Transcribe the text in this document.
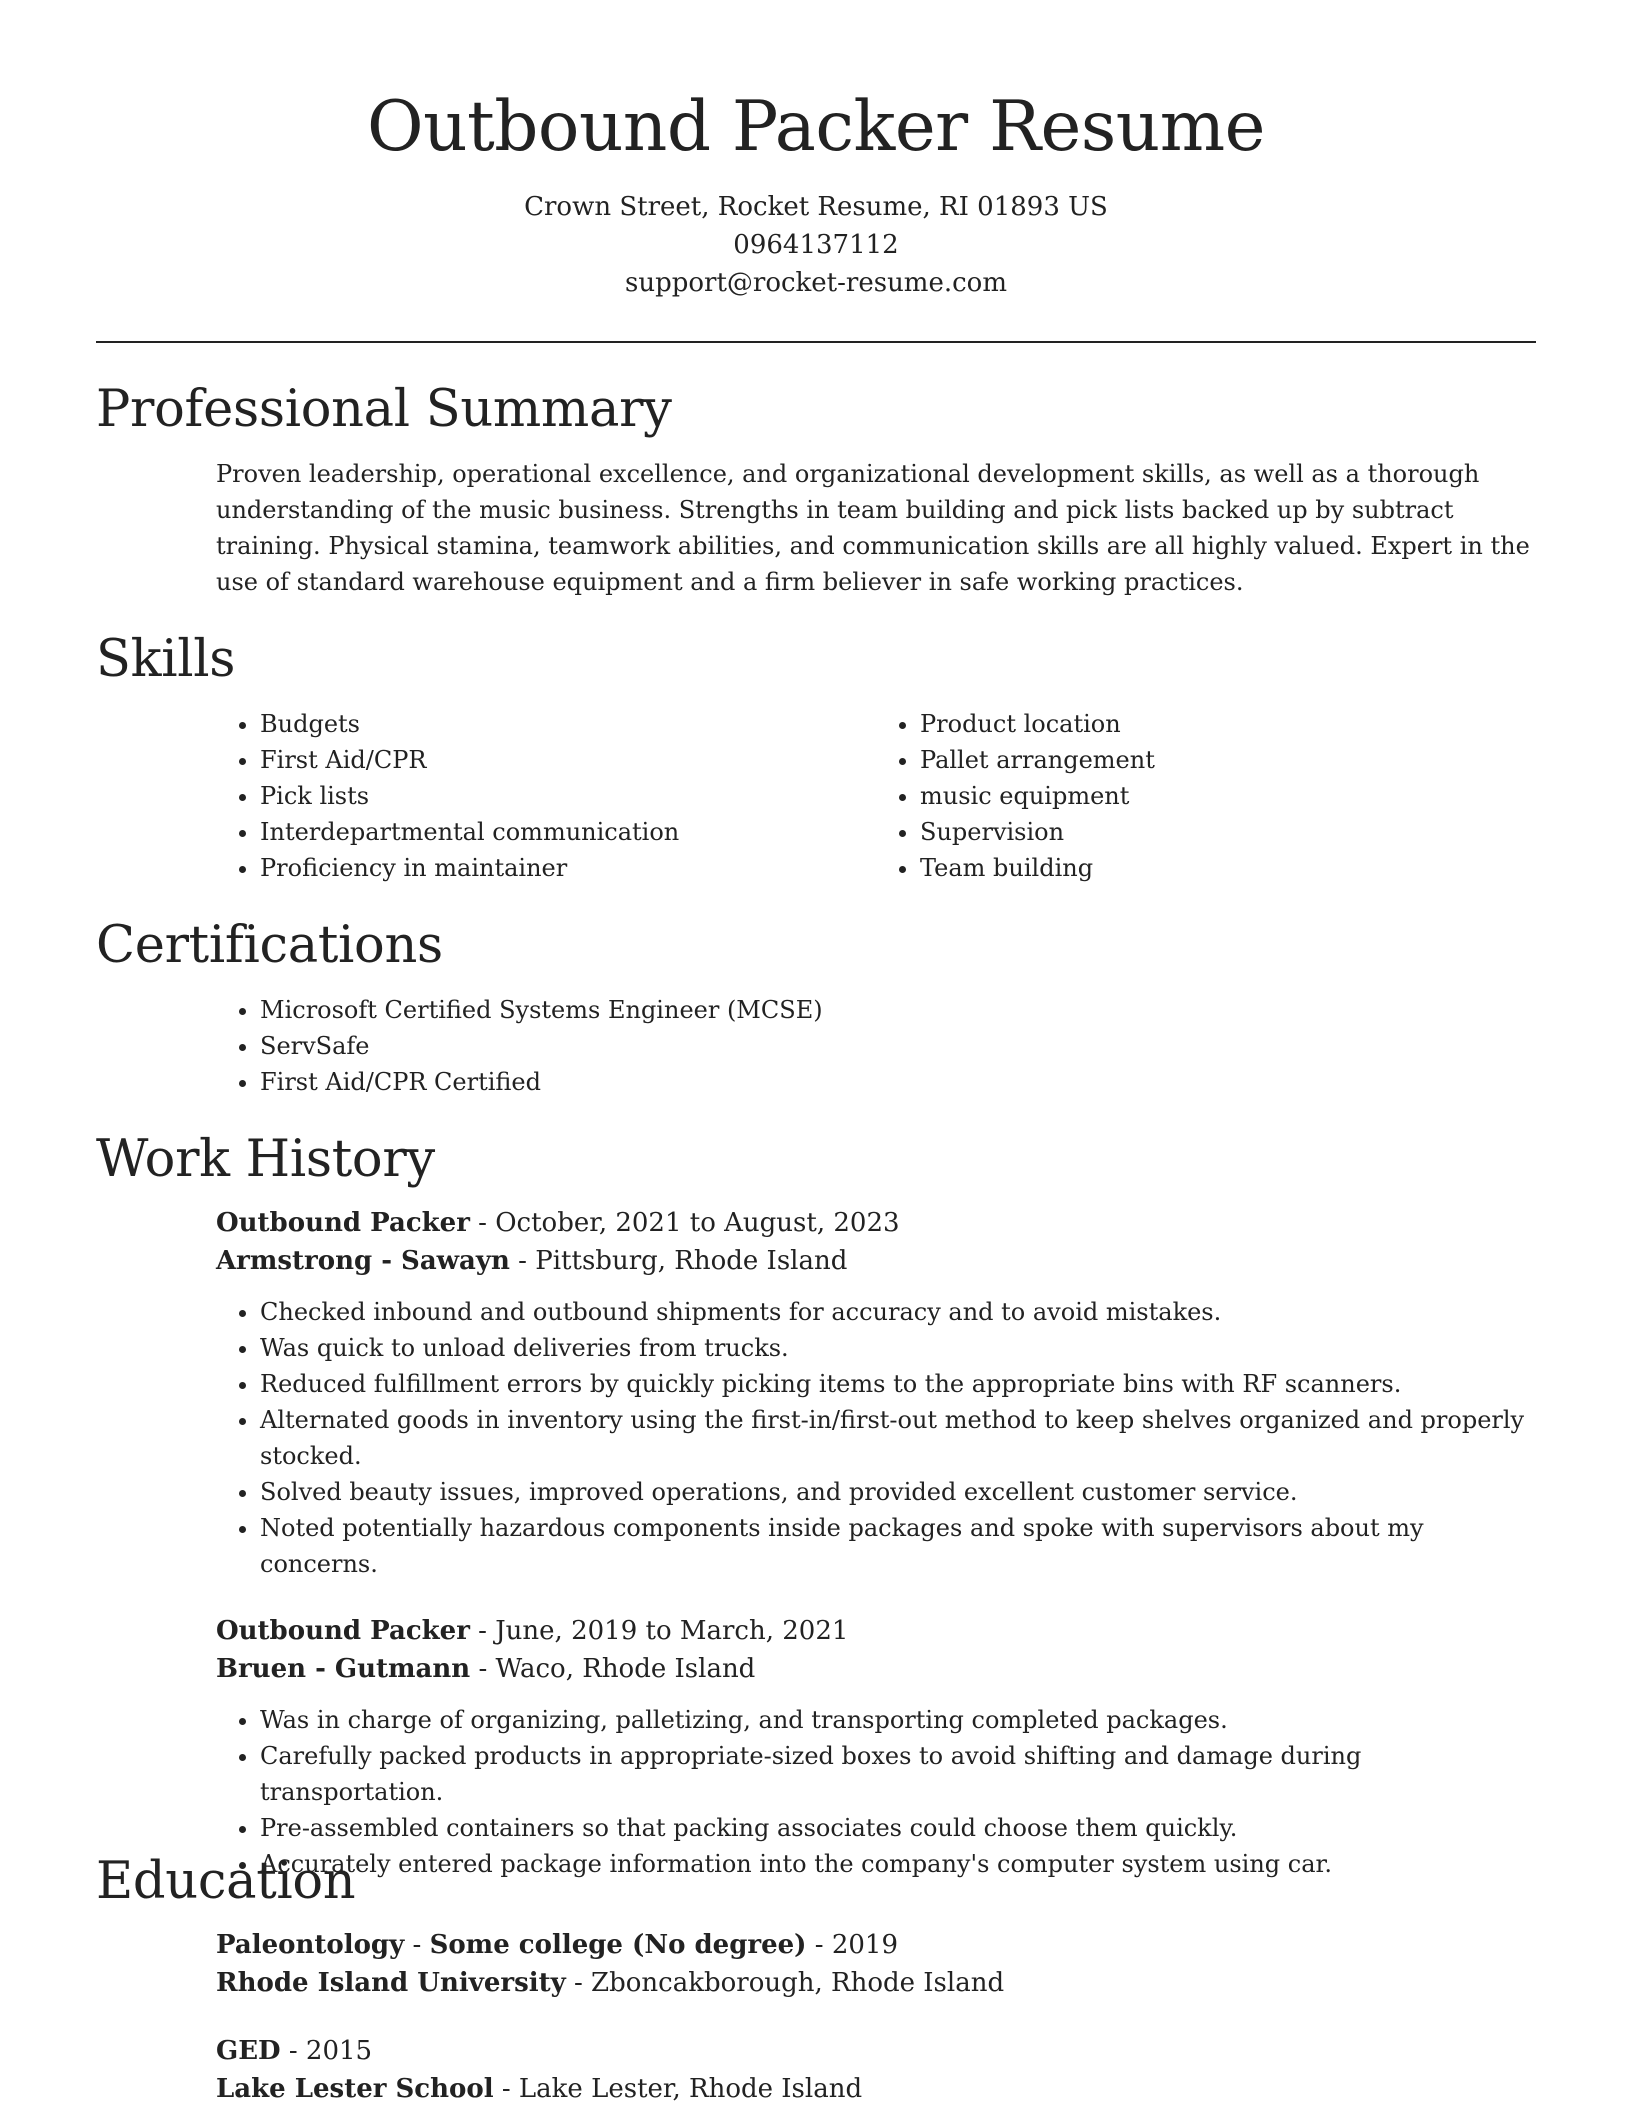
Outbound Packer Resume
Crown Street, Rocket Resume, RI 01893 US
0964137112
support@rocket-resume.com
Professional Summary
Proven leadership, operational excellence, and organizational development skills, as well as a thorough understanding of the music business. Strengths in team building and pick lists backed up by subtract training. Physical stamina, teamwork abilities, and communication skills are all highly valued. Expert in the use of standard warehouse equipment and a firm believer in safe working practices.
Skills
• Budgets
• First Aid/CPR
• Pick lists
• Interdepartmental communication
• Proficiency in maintainer
• Product location
• Pallet arrangement
• music equipment
• Supervision
• Team building
Certifications
• Microsoft Certified Systems Engineer (MCSE)
• ServSafe
• First Aid/CPR Certified
Work History
Outbound Packer - October, 2021 to August, 2023
Armstrong - Sawayn - Pittsburg, Rhode Island
• Checked inbound and outbound shipments for accuracy and to avoid mistakes.
• Was quick to unload deliveries from trucks.
• Reduced fulfillment errors by quickly picking items to the appropriate bins with RF scanners.
• Alternated goods in inventory using the first-in/first-out method to keep shelves organized and properly stocked.
• Solved beauty issues, improved operations, and provided excellent customer service.
• Noted potentially hazardous components inside packages and spoke with supervisors about my concerns.
Outbound Packer - June, 2019 to March, 2021
Bruen - Gutmann - Waco, Rhode Island
• Was in charge of organizing, palletizing, and transporting completed packages.
• Carefully packed products in appropriate-sized boxes to avoid shifting and damage during transportation.
• Pre-assembled containers so that packing associates could choose them quickly.
• Accurately entered package information into the company's computer system using car.
Education
Paleontology - Some college (No degree) - 2019
Rhode Island University - Zboncakborough, Rhode Island
GED - 2015
Lake Lester School - Lake Lester, Rhode Island
